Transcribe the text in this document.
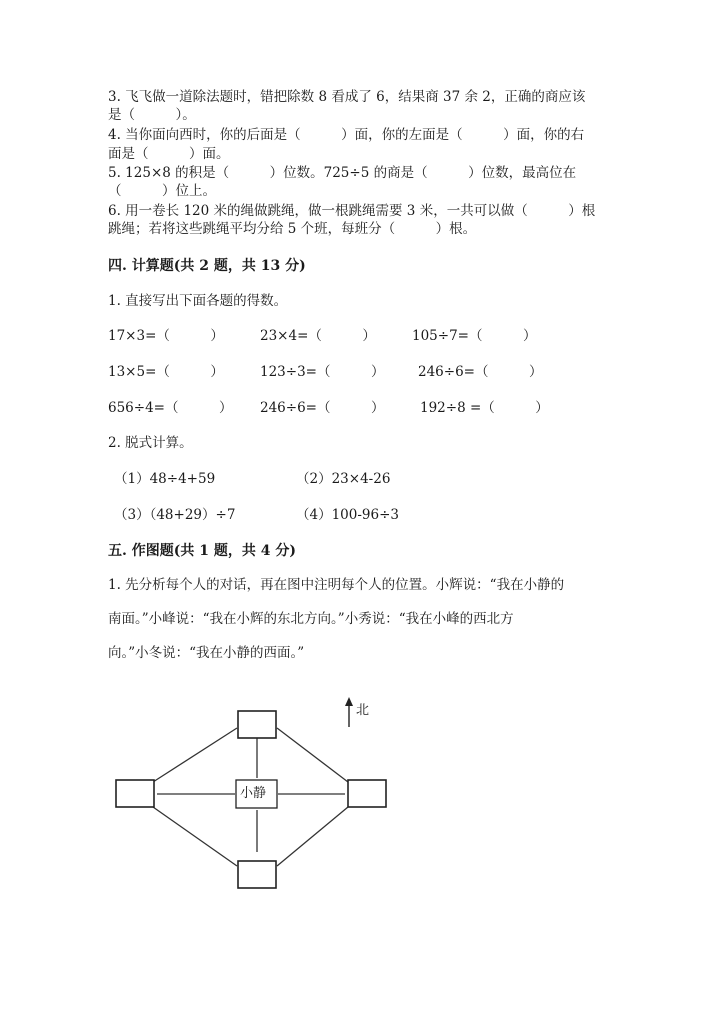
3. 飞飞做一道除法题时，错把除数 8 看成了 6，结果商 37 余 2，正确的商应该
是（　　　）。
4. 当你面向西时，你的后面是（　　　）面，你的左面是（　　　）面，你的右
面是（　　　）面。
5. 125×8 的积是（　　　）位数。725÷5 的商是（　　　）位数，最高位在
（　　　）位上。
6. 用一卷长 120 米的绳做跳绳，做一根跳绳需要 3 米，一共可以做（　　　）根
跳绳；若将这些跳绳平均分给 5 个班，每班分（　　　）根。
四. 计算题(共 2 题，共 13 分)
1. 直接写出下面各题的得数。
17×3=（　　　）	23×4=（　　　）	105÷7=（　　　）
13×5=（　　　）	123÷3=（　　　） 246÷6=（　　　）
656÷4=（　　　） 246÷6=（　　　）	192÷8 =（　　　）
2. 脱式计算。
（1）48÷4+59	（2）23×4-26
（3）（48+29）÷7	（4）100-96÷3
五. 作图题(共 1 题，共 4 分)
1. 先分析每个人的对话，再在图中注明每个人的位置。小辉说：“我在小静的
南面。”小峰说：“我在小辉的东北方向。”小秀说：“我在小峰的西北方
向。”小冬说：“我在小静的西面。”
小静
北
